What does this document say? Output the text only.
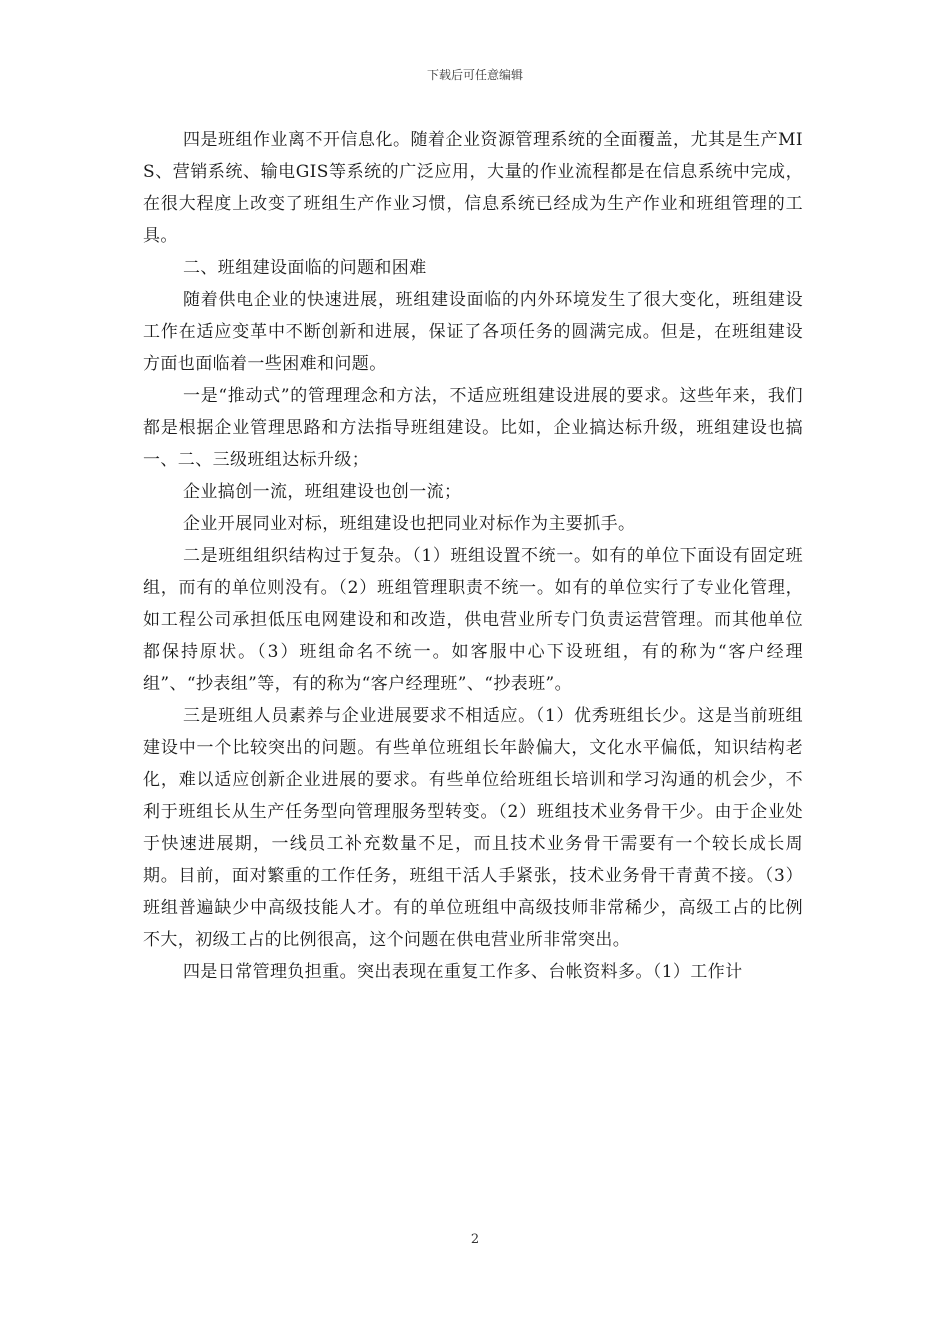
下载后可任意编辑

四是班组作业离不开信息化。随着企业资源管理系统的全面覆盖，尤其是生产MIS、营销系统、输电GIS等系统的广泛应用，大量的作业流程都是在信息系统中完成，在很大程度上改变了班组生产作业习惯，信息系统已经成为生产作业和班组管理的工具。

二、班组建设面临的问题和困难

随着供电企业的快速进展，班组建设面临的内外环境发生了很大变化，班组建设工作在适应变革中不断创新和进展，保证了各项任务的圆满完成。但是，在班组建设方面也面临着一些困难和问题。

一是“推动式”的管理理念和方法，不适应班组建设进展的要求。这些年来，我们都是根据企业管理思路和方法指导班组建设。比如，企业搞达标升级，班组建设也搞一、二、三级班组达标升级；

企业搞创一流，班组建设也创一流；

企业开展同业对标，班组建设也把同业对标作为主要抓手。

二是班组组织结构过于复杂。（1）班组设置不统一。如有的单位下面设有固定班组，而有的单位则没有。（2）班组管理职责不统一。如有的单位实行了专业化管理，如工程公司承担低压电网建设和和改造，供电营业所专门负责运营管理。而其他单位都保持原状。（3）班组命名不统一。如客服中心下设班组，有的称为“客户经理组”、“抄表组”等，有的称为“客户经理班”、“抄表班”。

三是班组人员素养与企业进展要求不相适应。（1）优秀班组长少。这是当前班组建设中一个比较突出的问题。有些单位班组长年龄偏大，文化水平偏低，知识结构老化，难以适应创新企业进展的要求。有些单位给班组长培训和学习沟通的机会少，不利于班组长从生产任务型向管理服务型转变。（2）班组技术业务骨干少。由于企业处于快速进展期，一线员工补充数量不足，而且技术业务骨干需要有一个较长成长周期。目前，面对繁重的工作任务，班组干活人手紧张，技术业务骨干青黄不接。（3）班组普遍缺少中高级技能人才。有的单位班组中高级技师非常稀少，高级工占的比例不大，初级工占的比例很高，这个问题在供电营业所非常突出。

四是日常管理负担重。突出表现在重复工作多、台帐资料多。（1）工作计

2
